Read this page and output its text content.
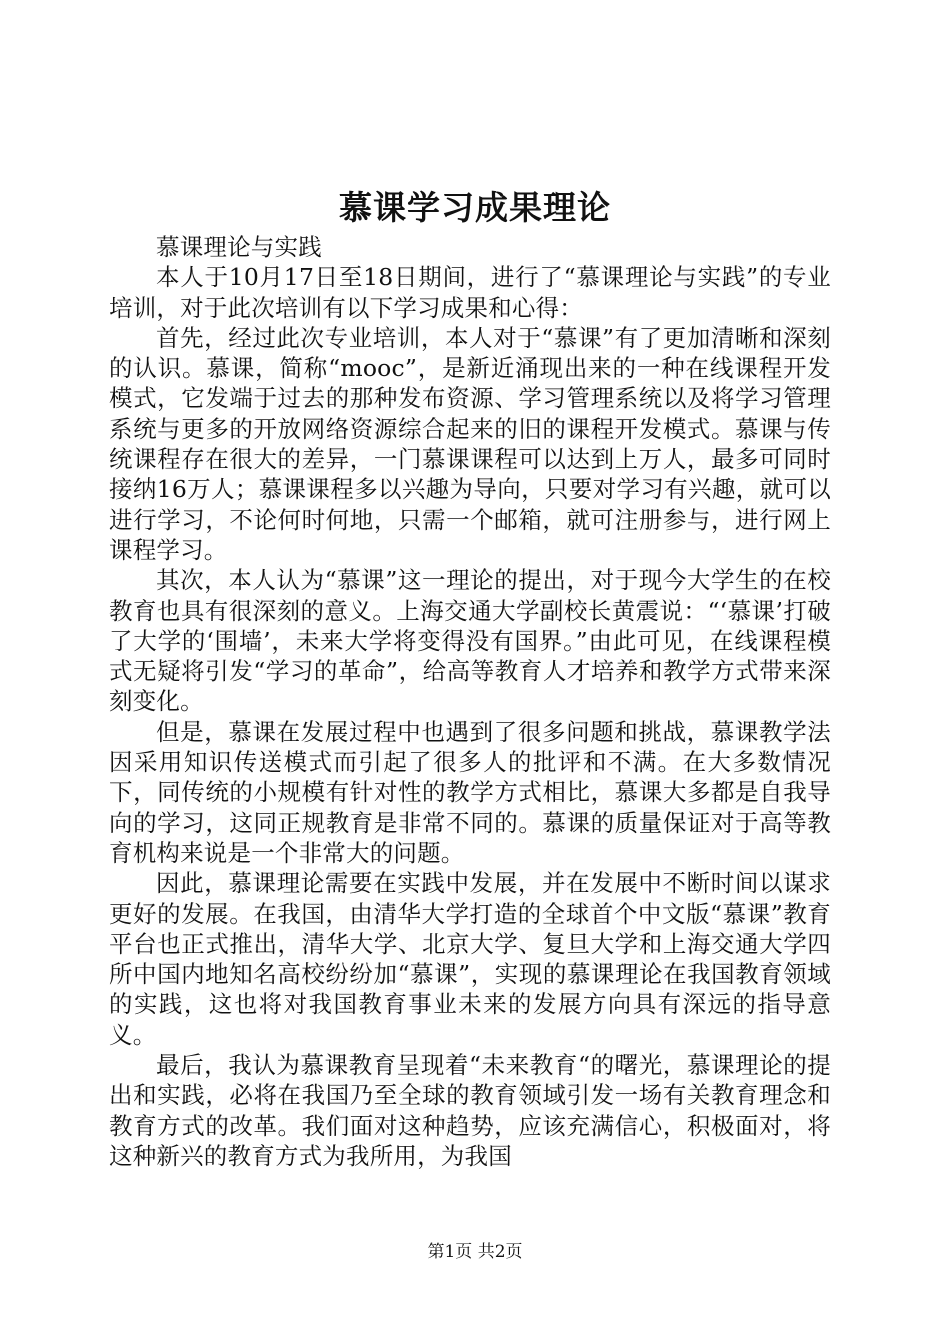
慕课学习成果理论

慕课理论与实践

本人于10月17日至18日期间，进行了“慕课理论与实践”的专业培训，对于此次培训有以下学习成果和心得：

首先，经过此次专业培训，本人对于“慕课”有了更加清晰和深刻的认识。慕课，简称“mooc”，是新近涌现出来的一种在线课程开发模式，它发端于过去的那种发布资源、学习管理系统以及将学习管理系统与更多的开放网络资源综合起来的旧的课程开发模式。慕课与传统课程存在很大的差异，一门慕课课程可以达到上万人，最多可同时接纳16万人；慕课课程多以兴趣为导向，只要对学习有兴趣，就可以进行学习，不论何时何地，只需一个邮箱，就可注册参与，进行网上课程学习。

其次，本人认为“慕课”这一理论的提出，对于现今大学生的在校教育也具有很深刻的意义。上海交通大学副校长黄震说：“‘慕课’打破了大学的‘围墙’，未来大学将变得没有国界。”由此可见，在线课程模式无疑将引发“学习的革命”，给高等教育人才培养和教学方式带来深刻变化。

但是，慕课在发展过程中也遇到了很多问题和挑战，慕课教学法因采用知识传送模式而引起了很多人的批评和不满。在大多数情况下，同传统的小规模有针对性的教学方式相比，慕课大多都是自我导向的学习，这同正规教育是非常不同的。慕课的质量保证对于高等教育机构来说是一个非常大的问题。

因此，慕课理论需要在实践中发展，并在发展中不断时间以谋求更好的发展。在我国，由清华大学打造的全球首个中文版“慕课”教育平台也正式推出，清华大学、北京大学、复旦大学和上海交通大学四所中国内地知名高校纷纷加“慕课”，实现的慕课理论在我国教育领域的实践，这也将对我国教育事业未来的发展方向具有深远的指导意义。

最后，我认为慕课教育呈现着“未来教育“的曙光，慕课理论的提出和实践，必将在我国乃至全球的教育领域引发一场有关教育理念和教育方式的改革。我们面对这种趋势，应该充满信心，积极面对，将这种新兴的教育方式为我所用，为我国

第1页 共2页
